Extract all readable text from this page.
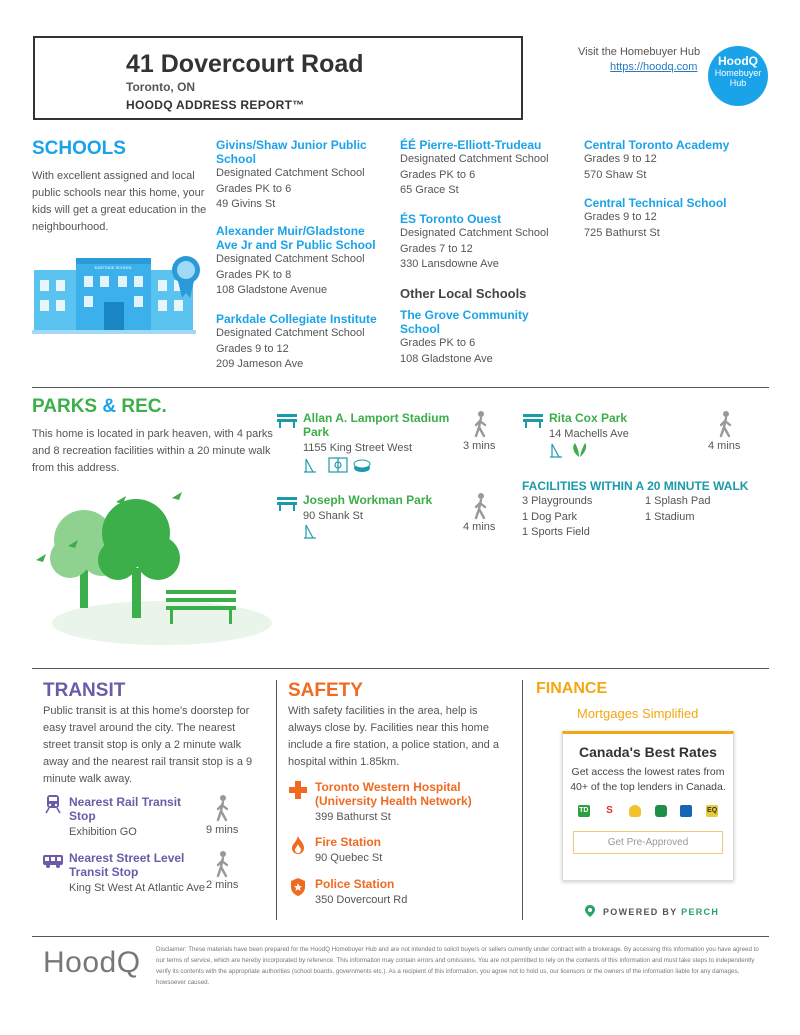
41 Dovercourt Road
Toronto, ON
HOODQ ADDRESS REPORT™
Visit the Homebuyer Hub
https://hoodq.com	HoodQ
Homebuyer
Hub
SCHOOLS
With excellent assigned and local public schools near this home, your kids will get a great education in the neighbourhood.
EASTSIDE SCHOOL
Givins/Shaw Junior Public School
Designated Catchment School
Grades PK to 6
49 Givins St
Alexander Muir/Gladstone Ave Jr and Sr Public School
Designated Catchment School
Grades PK to 8
108 Gladstone Avenue
Parkdale Collegiate Institute
Designated Catchment School
Grades 9 to 12
209 Jameson Ave
ÉÉ Pierre-Elliott-Trudeau
Designated Catchment School
Grades PK to 6
65 Grace St
ÉS Toronto Ouest
Designated Catchment School
Grades 7 to 12
330 Lansdowne Ave
Other Local Schools
The Grove Community School
Grades PK to 6
108 Gladstone Ave
Central Toronto Academy
Grades 9 to 12
570 Shaw St
Central Technical School
Grades 9 to 12
725 Bathurst St
PARKS & REC.
This home is located in park heaven, with 4 parks and 8 recreation facilities within a 20 minute walk from this address.
Allan A. Lamport Stadium Park
1155 King Street West	3 mins
Joseph Workman Park
90 Shank St
4 mins
Rita Cox Park
14 Machells Ave
4 mins
FACILITIES WITHIN A 20 MINUTE WALK
3 Playgrounds
1 Dog Park
1 Sports Field
1 Splash Pad
1 Stadium
TRANSIT
Public transit is at this home's doorstep for easy travel around the city. The nearest street transit stop is only a 2 minute walk away and the nearest rail transit stop is a 9 minute walk away.
Nearest Rail Transit Stop
Exhibition GO	9 mins
Nearest Street Level Transit Stop
King St West At Atlantic Ave 2 mins
SAFETY
With safety facilities in the area, help is always close by. Facilities near this home include a fire station, a police station, and a hospital within 1.85km.
Toronto Western Hospital (University Health Network)
399 Bathurst St
Fire Station
90 Quebec St
Police Station
350 Dovercourt Rd
FINANCE
Mortgages Simplified
Canada's Best Rates
Get access the lowest rates from 40+ of the top lenders in Canada.
TD S	EQ
Get Pre-Approved
POWERED BY PERCH
HoodQ Disclaimer: These materials have been prepared for the HoodQ Homebuyer Hub and are not intended to solicit buyers or sellers currently under contract with a brokerage. By accessing this information you have agreed to our terms of service, which are hereby incorporated by reference. This information may contain errors and omissions. You are not permitted to rely on the contents of this information and must take steps to independently verify its contents with the appropriate authorities (school boards, governments etc.). As a recipient of this information, you agree not to hold us, our licensors or the owners of the information liable for any damages, howsoever caused.
